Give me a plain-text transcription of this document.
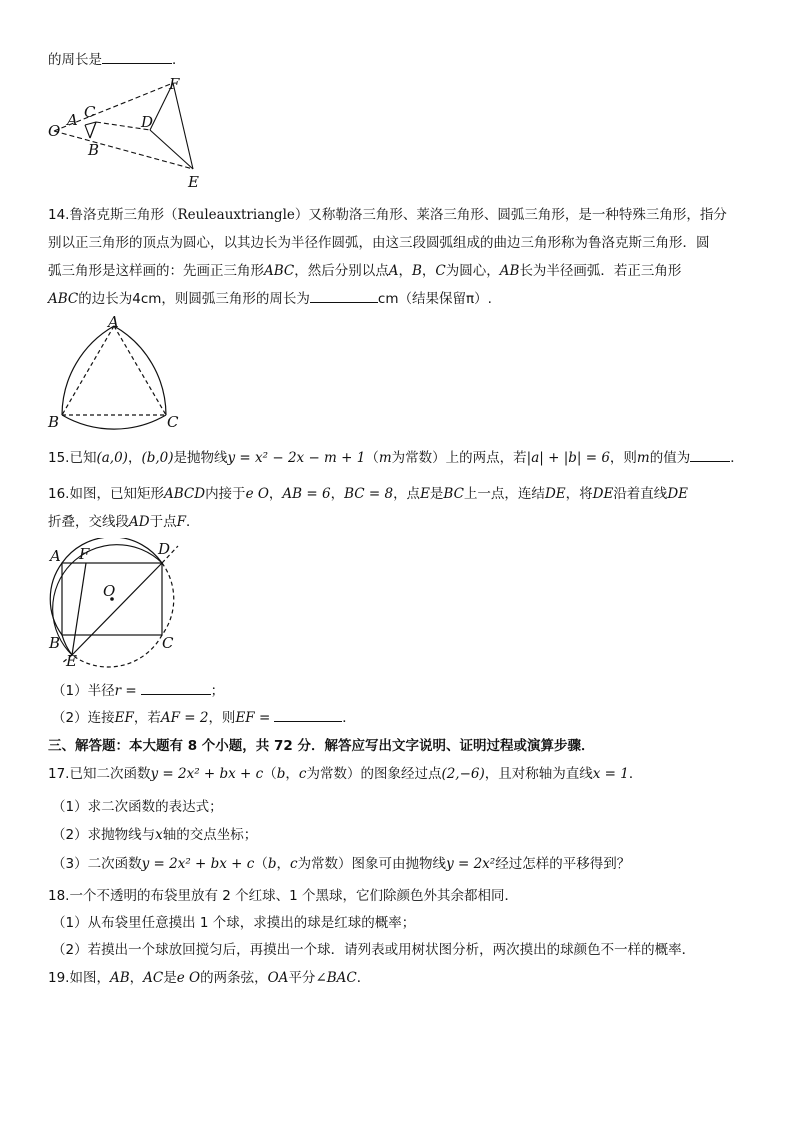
的周长是	．
O
A C
B
D
F
E
14.鲁洛克斯三角形（Reuleauxtriangle）又称勒洛三角形、莱洛三角形、圆弧三角形，是一种特殊三角形，指分
别以正三角形的顶点为圆心，以其边长为半径作圆弧，由这三段圆弧组成的曲边三角形称为鲁洛克斯三角形．圆
弧三角形是这样画的：先画正三角形ABC，然后分别以点A，B，C为圆心，AB长为半径画弧．若正三角形
ABC的边长为4cm，则圆弧三角形的周长为	cm（结果保留π）.
A
B	C
15.已知(a,0)，(b,0)是抛物线y = x² − 2x − m + 1（m为常数）上的两点，若|a| + |b| = 6，则m的值为	．
16.如图，已知矩形ABCD内接于e O，AB = 6，BC = 8，点E是BC上一点，连结DE，将DE沿着直线DE
折叠，交线段AD于点F．
A F	D
O
B
E
C
（1）半径r =	；
（2）连接EF，若AF = 2，则EF =	．
三、解答题：本大题有 8 个小题，共 72 分．解答应写出文字说明、证明过程或演算步骤．
17.已知二次函数y = 2x² + bx + c（b，c为常数）的图象经过点(2,−6)，且对称轴为直线x = 1．
（1）求二次函数的表达式；
（2）求抛物线与x轴的交点坐标；
（3）二次函数y = 2x² + bx + c（b，c为常数）图象可由抛物线y = 2x²经过怎样的平移得到？
18.一个不透明的布袋里放有 2 个红球、1 个黑球，它们除颜色外其余都相同．
（1）从布袋里任意摸出 1 个球，求摸出的球是红球的概率；
（2）若摸出一个球放回搅匀后，再摸出一个球．请列表或用树状图分析，两次摸出的球颜色不一样的概率．
19.如图，AB，AC是e O的两条弦，OA平分∠BAC．
